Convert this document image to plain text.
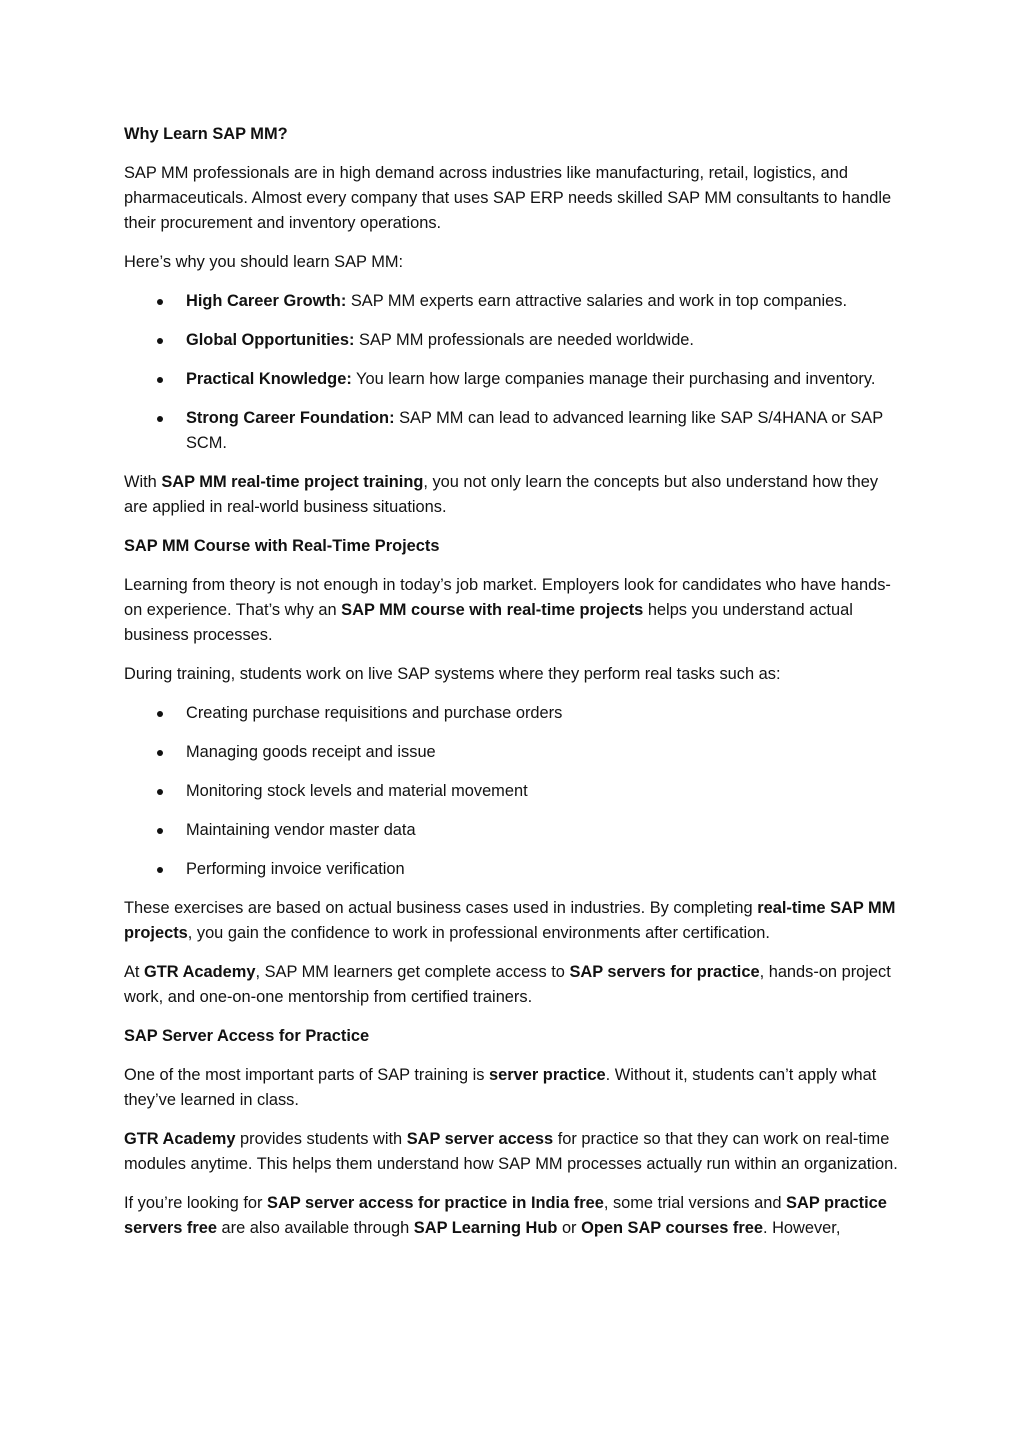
Why Learn SAP MM?

SAP MM professionals are in high demand across industries like manufacturing, retail, logistics, and pharmaceuticals. Almost every company that uses SAP ERP needs skilled SAP MM consultants to handle their procurement and inventory operations.

Here’s why you should learn SAP MM:

High Career Growth: SAP MM experts earn attractive salaries and work in top companies.
Global Opportunities: SAP MM professionals are needed worldwide.
Practical Knowledge: You learn how large companies manage their purchasing and inventory.
Strong Career Foundation: SAP MM can lead to advanced learning like SAP S/4HANA or SAP SCM.

With SAP MM real-time project training, you not only learn the concepts but also understand how they are applied in real-world business situations.

SAP MM Course with Real-Time Projects

Learning from theory is not enough in today’s job market. Employers look for candidates who have hands-on experience. That’s why an SAP MM course with real-time projects helps you understand actual business processes.

During training, students work on live SAP systems where they perform real tasks such as:

Creating purchase requisitions and purchase orders
Managing goods receipt and issue
Monitoring stock levels and material movement
Maintaining vendor master data
Performing invoice verification

These exercises are based on actual business cases used in industries. By completing real-time SAP MM projects, you gain the confidence to work in professional environments after certification.

At GTR Academy, SAP MM learners get complete access to SAP servers for practice, hands-on project work, and one-on-one mentorship from certified trainers.

SAP Server Access for Practice

One of the most important parts of SAP training is server practice. Without it, students can’t apply what they’ve learned in class.

GTR Academy provides students with SAP server access for practice so that they can work on real-time modules anytime. This helps them understand how SAP MM processes actually run within an organization.

If you’re looking for SAP server access for practice in India free, some trial versions and SAP practice servers free are also available through SAP Learning Hub or Open SAP courses free. However,
